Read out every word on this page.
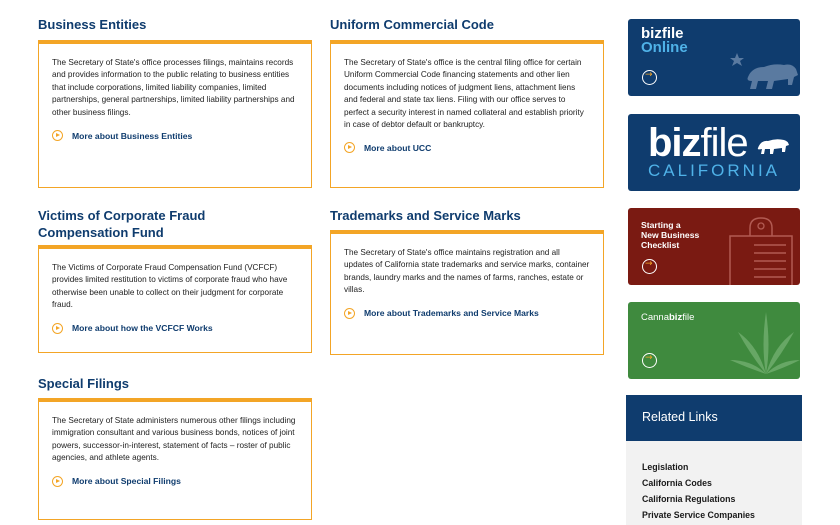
Business Entities

The Secretary of State's office processes filings, maintains records and provides information to the public relating to business entities that include corporations, limited liability companies, limited partnerships, general partnerships, limited liability partnerships and other business filings.

More about Business Entities
Uniform Commercial Code

The Secretary of State's office is the central filing office for certain Uniform Commercial Code financing statements and other lien documents including notices of judgment liens, attachment liens and federal and state tax liens. Filing with our office serves to perfect a security interest in named collateral and establish priority in case of debtor default or bankruptcy.

More about UCC
Victims of Corporate Fraud Compensation Fund

The Victims of Corporate Fraud Compensation Fund (VCFCF) provides limited restitution to victims of corporate fraud who have otherwise been unable to collect on their judgment for corporate fraud.

More about how the VCFCF Works
Trademarks and Service Marks

The Secretary of State's office maintains registration and all updates of California state trademarks and service marks, container brands, laundry marks and the names of farms, ranches, estate or villas.

More about Trademarks and Service Marks
Special Filings

The Secretary of State administers numerous other filings including immigration consultant and various business bonds, notices of joint powers, successor-in-interest, statement of facts – roster of public agencies, and athlete agents.

More about Special Filings
bizfile
Online
→
bizfile
CALIFORNIA
Starting a
New Business
Checklist
→
Cannabizfile
→
Related Links
Legislation
California Codes
California Regulations
Private Service Companies
